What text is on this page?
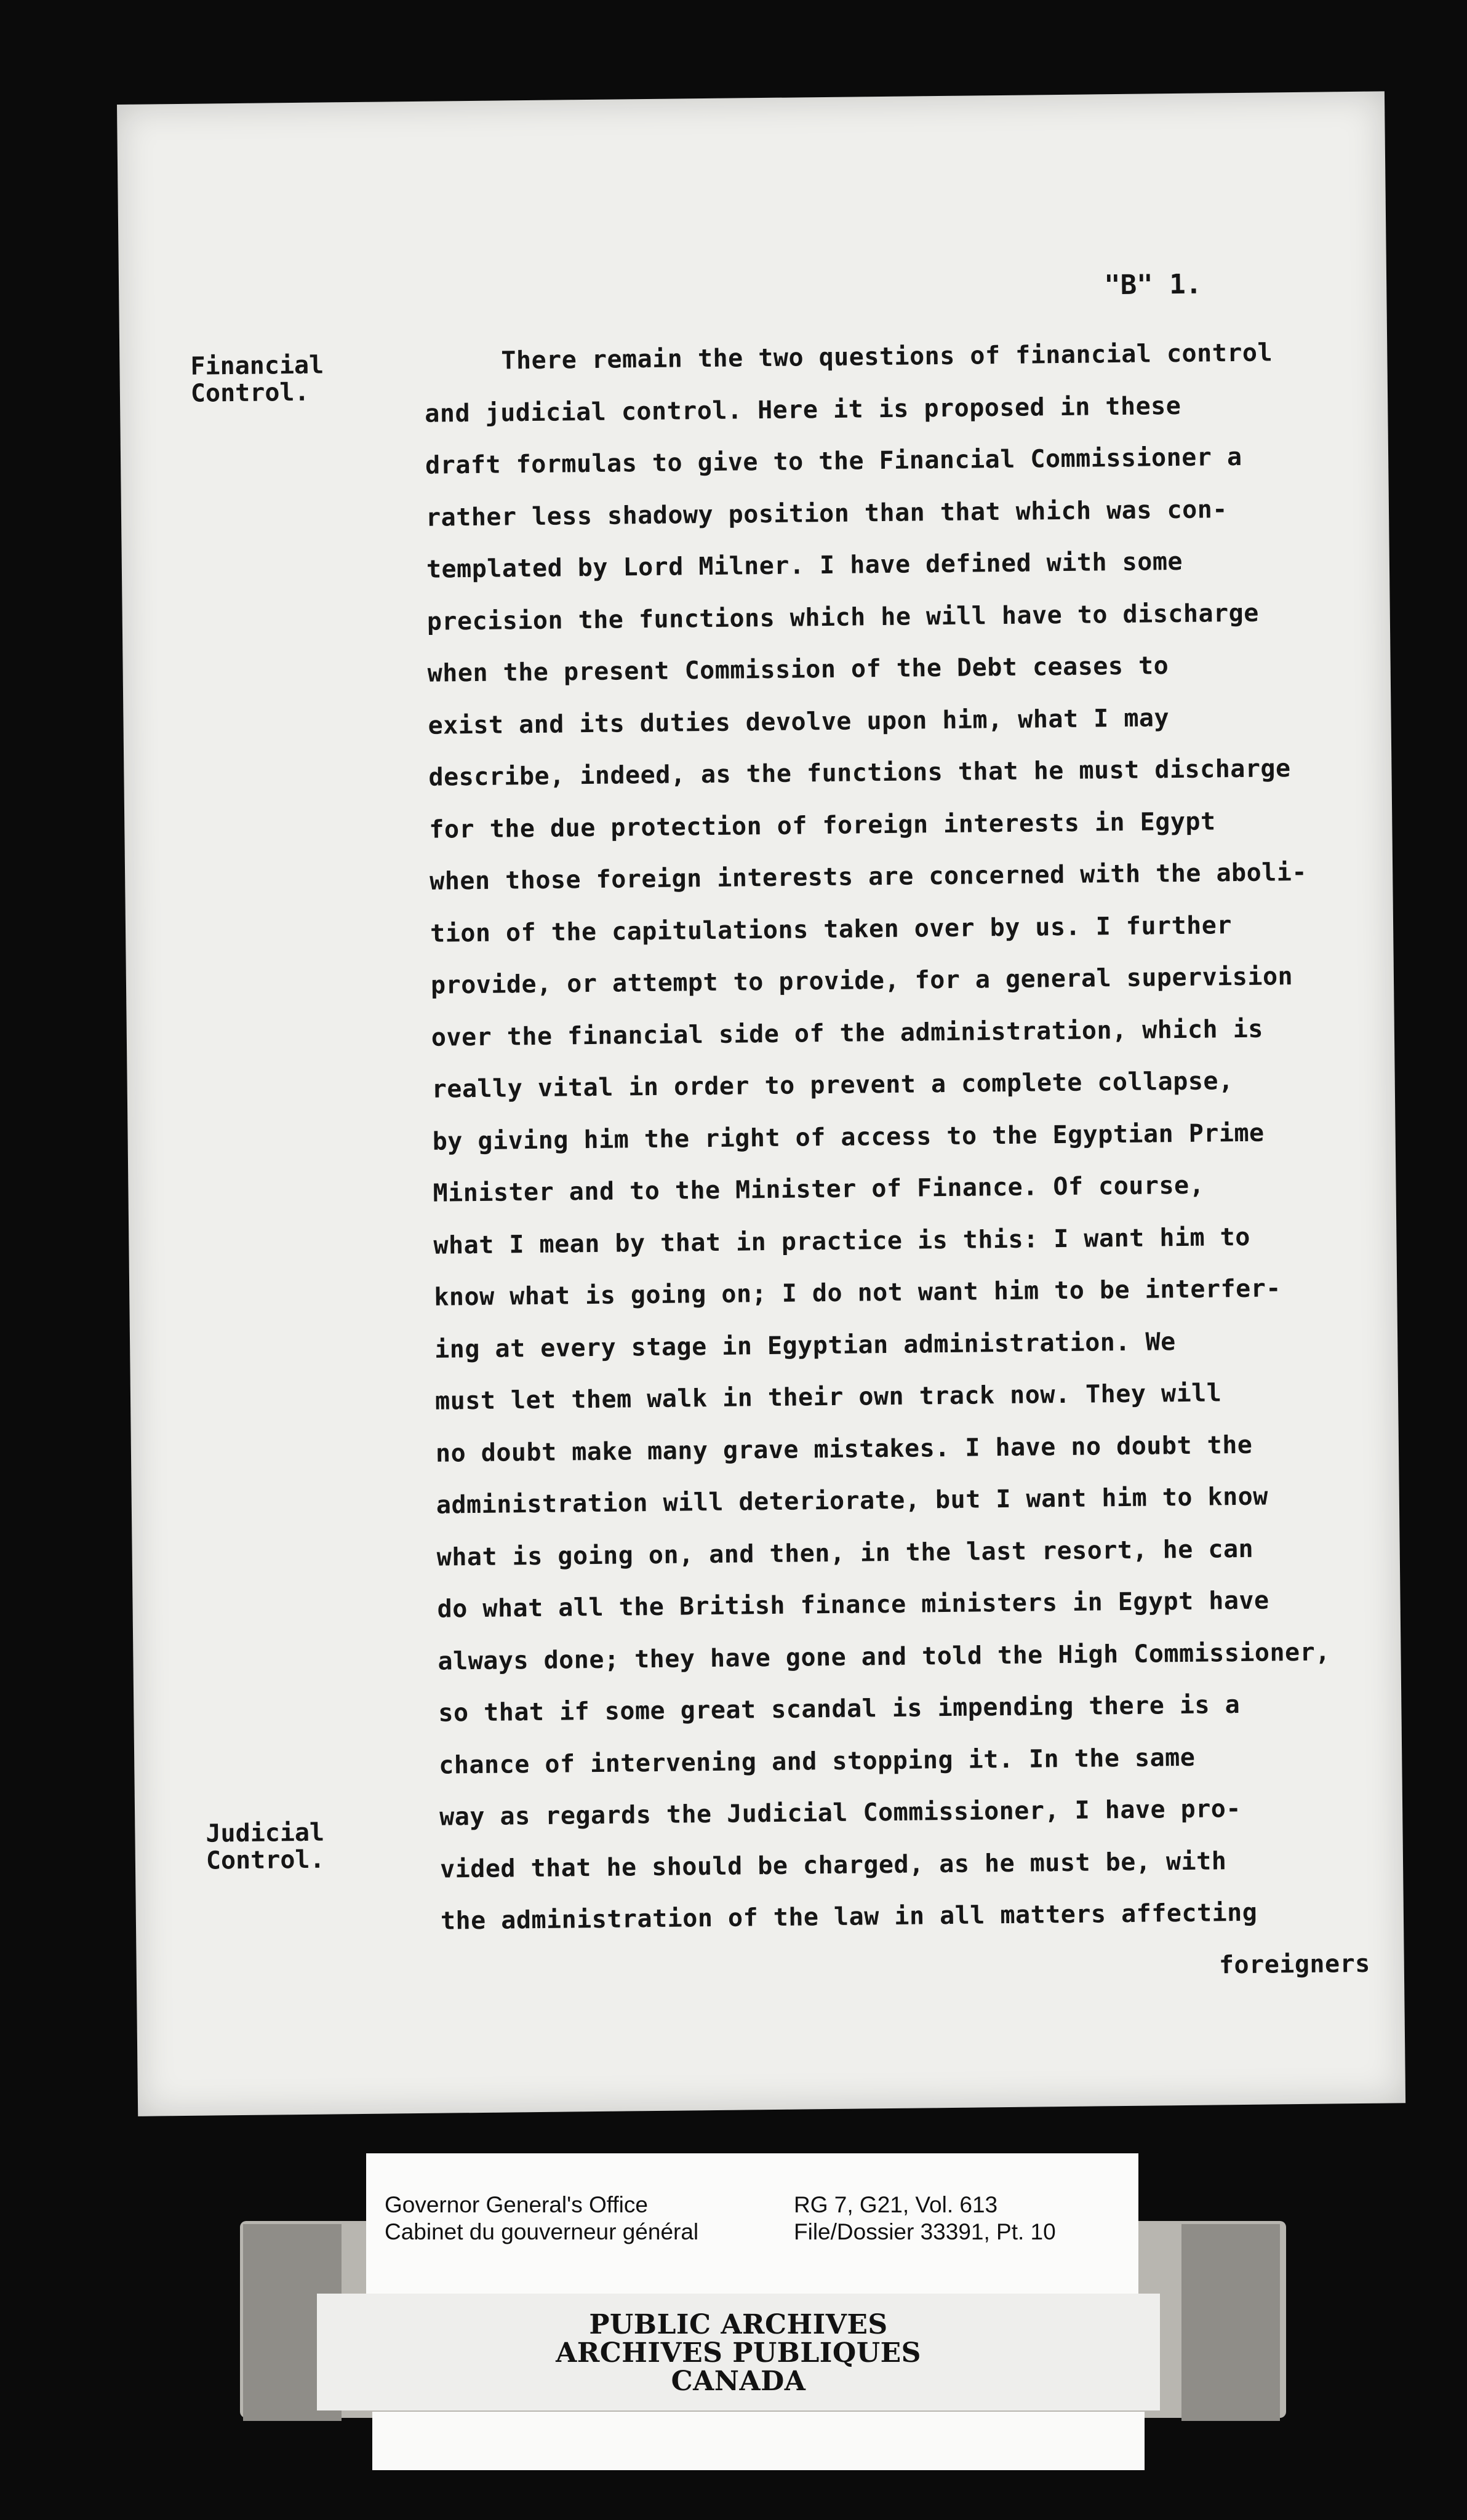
"B" 1.
Financial
Control.
Judicial
Control.
There remain the two questions of financial control
and judicial control. Here it is proposed in these
draft formulas to give to the Financial Commissioner a
rather less shadowy position than that which was con-
templated by Lord Milner. I have defined with some
precision the functions which he will have to discharge
when the present Commission of the Debt ceases to
exist and its duties devolve upon him, what I may
describe, indeed, as the functions that he must discharge
for the due protection of foreign interests in Egypt
when those foreign interests are concerned with the aboli-
tion of the capitulations taken over by us. I further
provide, or attempt to provide, for a general supervision
over the financial side of the administration, which is
really vital in order to prevent a complete collapse,
by giving him the right of access to the Egyptian Prime
Minister and to the Minister of Finance. Of course,
what I mean by that in practice is this: I want him to
know what is going on; I do not want him to be interfer-
ing at every stage in Egyptian administration. We
must let them walk in their own track now. They will
no doubt make many grave mistakes. I have no doubt the
administration will deteriorate, but I want him to know
what is going on, and then, in the last resort, he can
do what all the British finance ministers in Egypt have
always done; they have gone and told the High Commissioner,
so that if some great scandal is impending there is a
chance of intervening and stopping it. In the same
way as regards the Judicial Commissioner, I have pro-
vided that he should be charged, as he must be, with
the administration of the law in all matters affecting
foreigners
Governor General's Office
Cabinet du gouverneur général
RG 7, G21, Vol. 613
File/Dossier 33391, Pt. 10
PUBLIC ARCHIVES
ARCHIVES PUBLIQUES
CANADA
